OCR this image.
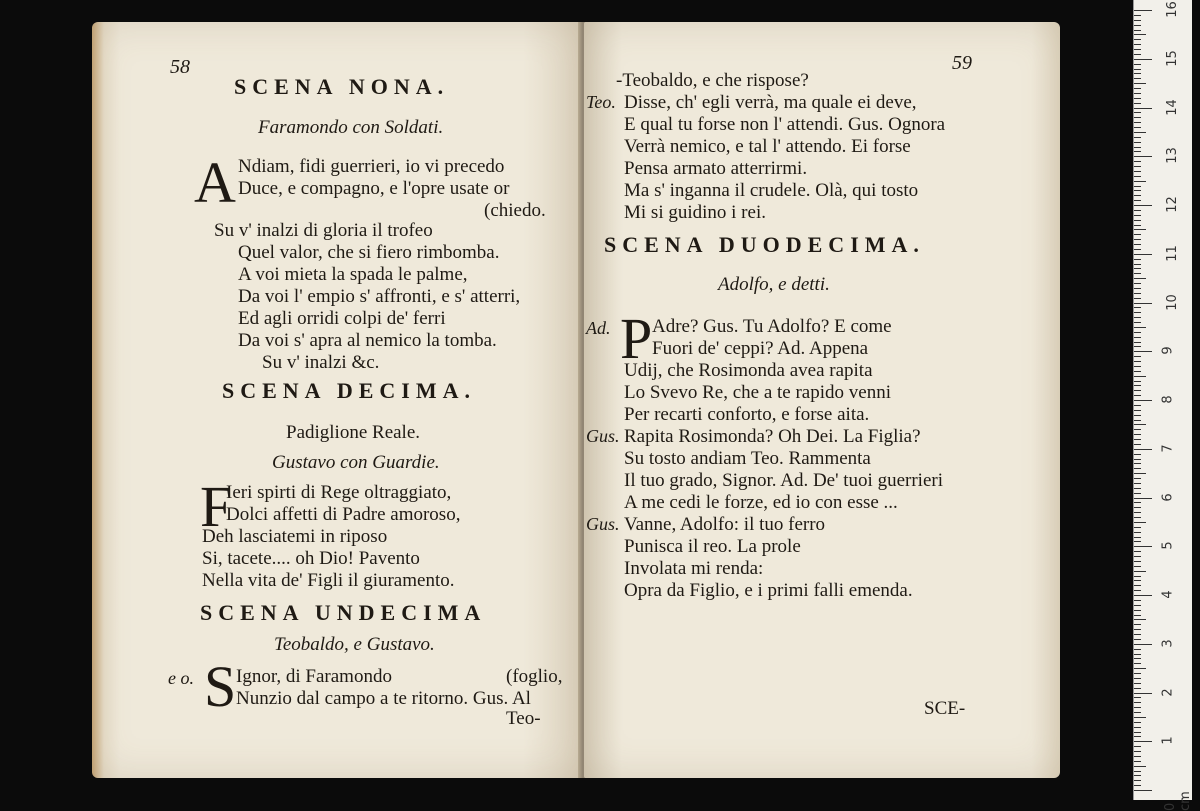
58
SCENA NONA.
Faramondo con Soldati.
A Ndiam, fidi guerrieri, io vi precedo
Duce, e compagno, e l'opre usate or
(chiedo.
Su v' inalzi di gloria il trofeo
Quel valor, che si fiero rimbomba.
A voi mieta la spada le palme,
Da voi l' empio s' affronti, e s' atterri,
Ed agli orridi colpi de' ferri
Da voi s' apra al nemico la tomba.
Su v' inalzi &c.
SCENA DECIMA.
Padiglione Reale.
Gustavo con Guardie.
F
Ieri spirti di Rege oltraggiato,
Dolci affetti di Padre amoroso,
Deh lasciatemi in riposo
Si, tacete.... oh Dio! Pavento
Nella vita de' Figli il giuramento.
SCENA UNDECIMA
Teobaldo, e Gustavo.
e o. S Ignor, di Faramondo	(foglio,
Nunzio dal campo a te ritorno. Gus. Al
Teo-
59
-Teobaldo, e che rispose?
Teo. Disse, ch' egli verrà, ma quale ei deve,
E qual tu forse non l' attendi. Gus. Ognora
Verrà nemico, e tal l' attendo. Ei forse
Pensa armato atterrirmi.
Ma s' inganna il crudele. Olà, qui tosto
Mi si guidino i rei.
SCENA DUODECIMA.
Adolfo, e detti.
Ad. P Adre? Gus. Tu Adolfo? E come
Fuori de' ceppi? Ad. Appena
Udij, che Rosimonda avea rapita
Lo Svevo Re, che a te rapido venni
Per recarti conforto, e forse aita.
Gus. Rapita Rosimonda? Oh Dei. La Figlia?
Su tosto andiam Teo. Rammenta
Il tuo grado, Signor. Ad. De' tuoi guerrieri
A me cedi le forze, ed io con esse ...
Gus. Vanne, Adolfo: il tuo ferro
Punisca il reo. La prole
Involata mi renda:
Opra da Figlio, e i primi falli emenda.
SCE-
16
15
14
13
12
11
10
9
8
7
6
5
4
3
2
1
0 cm
